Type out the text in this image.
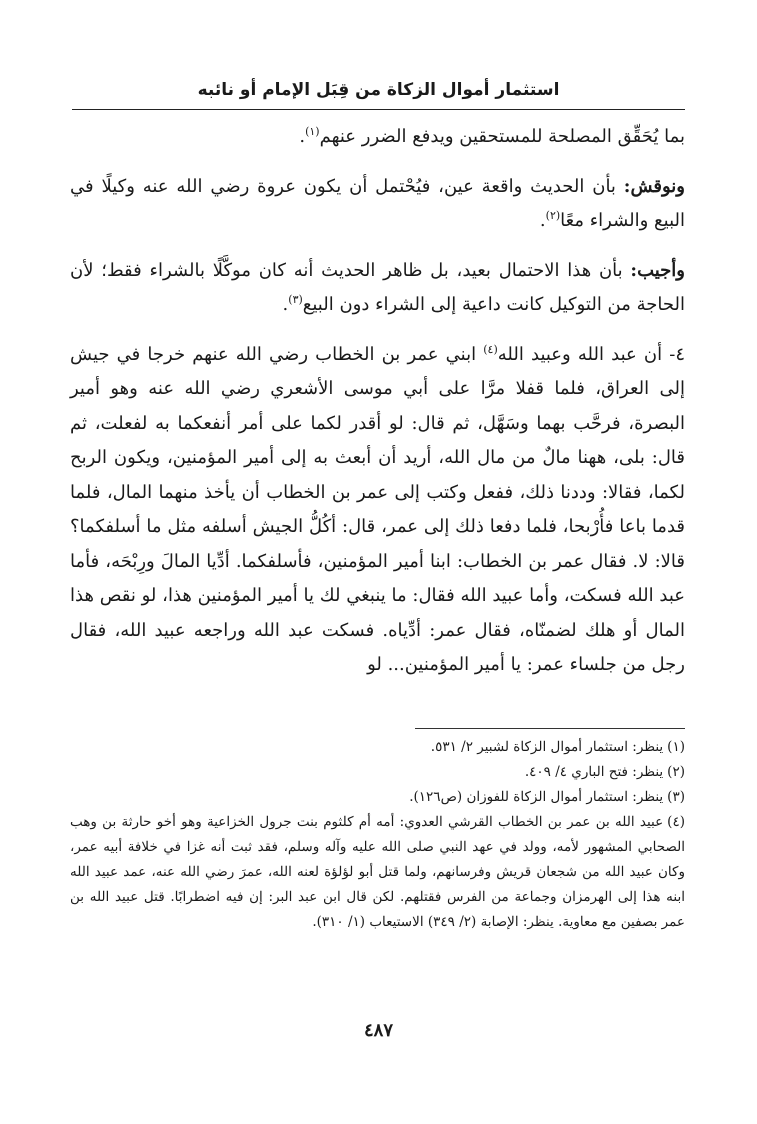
استثمار أموال الزكاة من قِبَل الإمام أو نائبه

بما يُحَقِّق المصلحة للمستحقين ويدفع الضرر عنهم$^{(١)}$.

ونوقش: بأن الحديث واقعة عين، فيُحْتمل أن يكون عروة رضي الله عنه وكيلًا في البيع والشراء معًا$^{(٢)}$.

وأجيب: بأن هذا الاحتمال بعيد، بل ظاهر الحديث أنه كان موكَّلًا بالشراء فقط؛ لأن الحاجة من التوكيل كانت داعية إلى الشراء دون البيع$^{(٣)}$.

٤- أن عبد الله وعبيد الله$^{(٤)}$ ابني عمر بن الخطاب رضي الله عنهم خرجا في جيش إلى العراق، فلما قفلا مرَّا على أبي موسى الأشعري رضي الله عنه وهو أمير البصرة، فرحَّب بهما وسَهَّل، ثم قال: لو أقدر لكما على أمر أنفعكما به لفعلت، ثم قال: بلى، ههنا مالٌ من مال الله، أريد أن أبعث به إلى أمير المؤمنين، ويكون الربح لكما، فقالا: وددنا ذلك، ففعل وكتب إلى عمر بن الخطاب أن يأخذ منهما المال، فلما قدما باعا فأُرْبحا، فلما دفعا ذلك إلى عمر، قال: أكُلُّ الجيش أسلفه مثل ما أسلفكما؟ قالا: لا. فقال عمر بن الخطاب: ابنا أمير المؤمنين، فأسلفكما. أدِّيا المالَ ورِبْحَه، فأما عبد الله فسكت، وأما عبيد الله فقال: ما ينبغي لك يا أمير المؤمنين هذا، لو نقص هذا المال أو هلك لضمنّاه، فقال عمر: أدِّياه. فسكت عبد الله وراجعه عبيد الله، فقال رجل من جلساء عمر: يا أمير المؤمنين... لو

(١)ينظر: استثمار أموال الزكاة لشبير ٢/ ٥٣١.

(٢)ينظر: فتح الباري ٤/ ٤٠٩.

(٣)ينظر: استثمار أموال الزكاة للفوزان (ص١٢٦).

(٤)عبيد الله بن عمر بن الخطاب القرشي العدوي: أمه أم كلثوم بنت جرول الخزاعية وهو أخو حارثة بن وهب الصحابي المشهور لأمه، وولد في عهد النبي صلى الله عليه وآله وسلم، فقد ثبت أنه غزا في خلافة أبيه عمر، وكان عبيد الله من شجعان قريش وفرسانهم، ولما قتل أبو لؤلؤة لعنه الله، عمرَ رضي الله عنه، عمد عبيد الله ابنه هذا إلى الهرمزان وجماعة من الفرس فقتلهم. لكن قال ابن عبد البر: إن فيه اضطرابًا. قتل عبيد الله بن عمر بصفين مع معاوية. ينظر: الإصابة (٢/ ٣٤٩) الاستيعاب (١/ ٣١٠).

٤٨٧
